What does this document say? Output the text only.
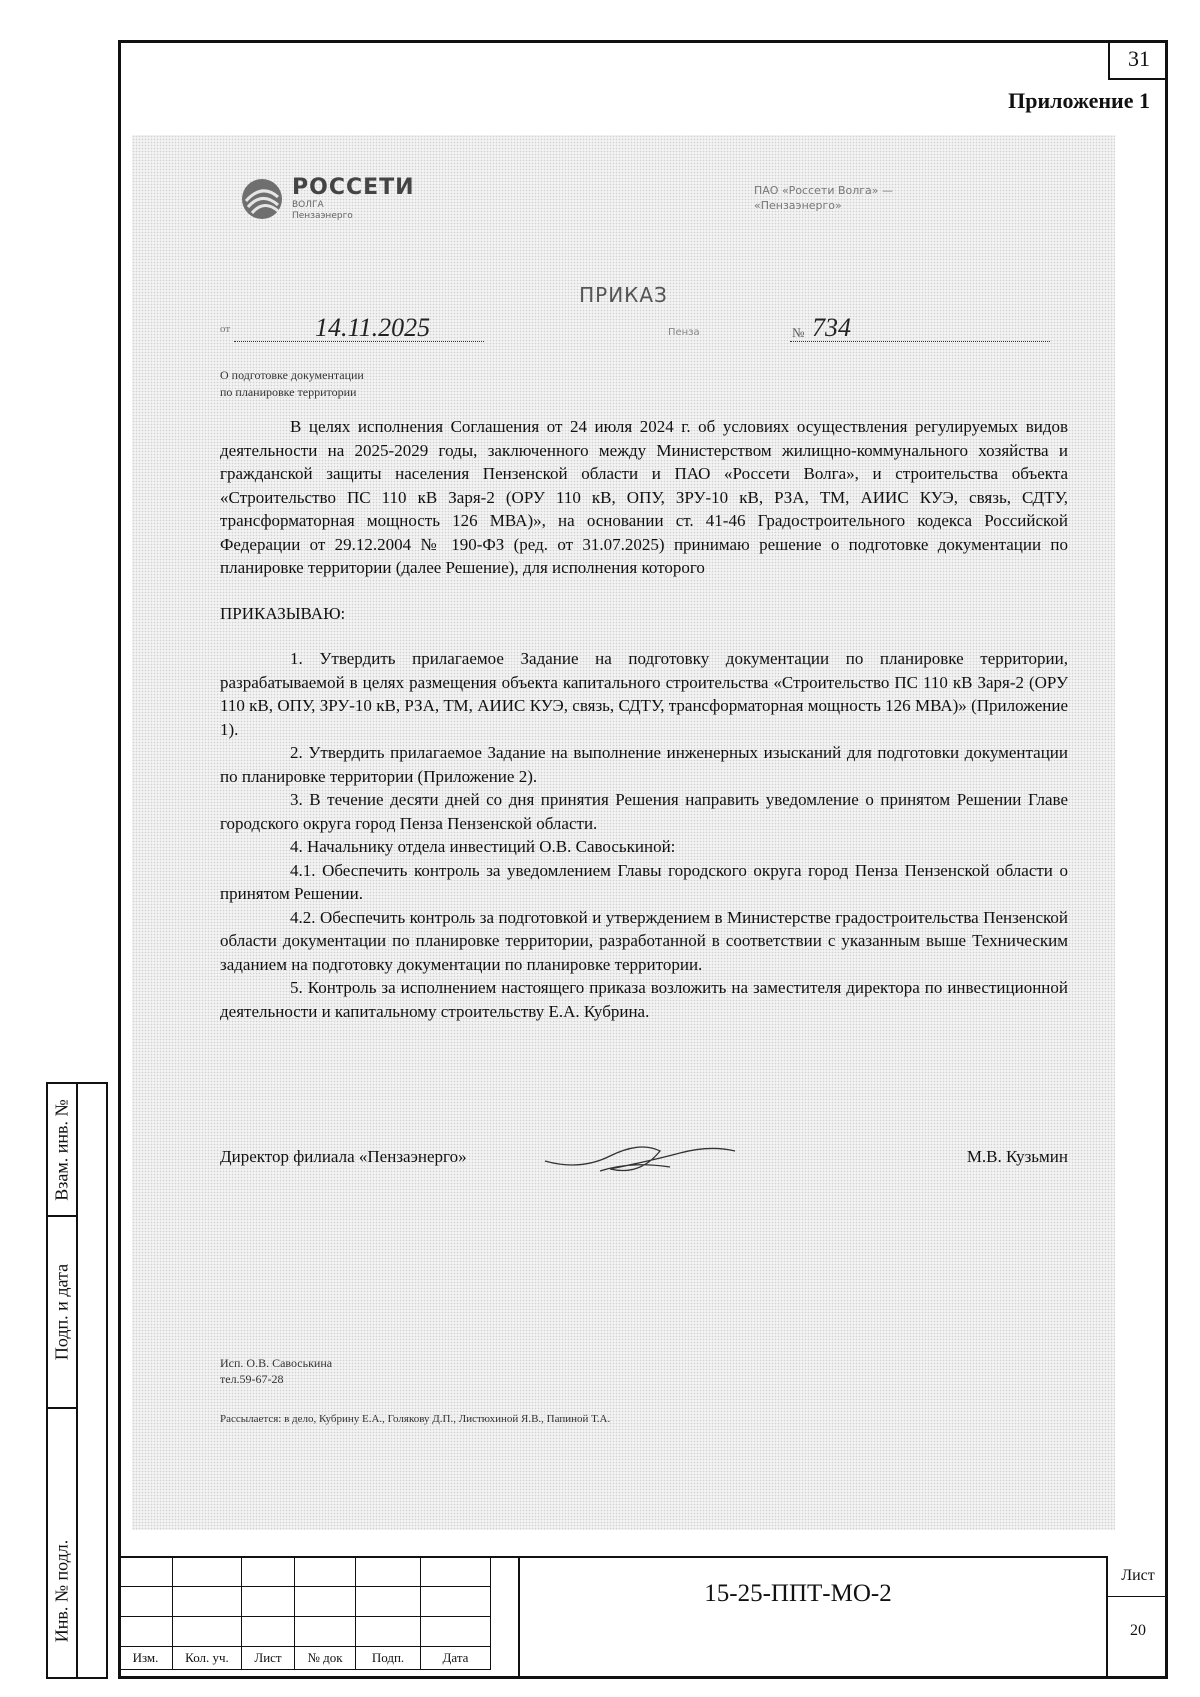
31
Приложение 1
РОССЕТИ
ВОЛГА
Пензаэнерго
ПАО «Россети Волга» —
«Пензаэнерго»
ПРИКАЗ
от	14.11.2025	Пенза	№ 734
О подготовке документации
по планировке территории

В целях исполнения Соглашения от 24 июля 2024 г. об условиях осуществления регулируемых видов деятельности на 2025-2029 годы, заключенного между Министерством жилищно-коммунального хозяйства и гражданской защиты населения Пензенской области и ПАО «Россети Волга», и строительства объекта «Строительство ПС 110 кВ Заря-2 (ОРУ 110 кВ, ОПУ, ЗРУ-10 кВ, РЗА, ТМ, АИИС КУЭ, связь, СДТУ, трансформаторная мощность 126 МВА)», на основании ст. 41-46 Градостроительного кодекса Российской Федерации от 29.12.2004 № 190-ФЗ (ред. от 31.07.2025) принимаю решение о подготовке документации по планировке территории (далее Решение), для исполнения которого

ПРИКАЗЫВАЮ:

1. Утвердить прилагаемое Задание на подготовку документации по планировке территории, разрабатываемой в целях размещения объекта капитального строительства «Строительство ПС 110 кВ Заря-2 (ОРУ 110 кВ, ОПУ, ЗРУ-10 кВ, РЗА, ТМ, АИИС КУЭ, связь, СДТУ, трансформаторная мощность 126 МВА)» (Приложение 1).

2. Утвердить прилагаемое Задание на выполнение инженерных изысканий для подготовки документации по планировке территории (Приложение 2).

3. В течение десяти дней со дня принятия Решения направить уведомление о принятом Решении Главе городского округа город Пенза Пензенской области.

4. Начальнику отдела инвестиций О.В. Савоськиной:

4.1. Обеспечить контроль за уведомлением Главы городского округа город Пенза Пензенской области о принятом Решении.

4.2. Обеспечить контроль за подготовкой и утверждением в Министерстве градостроительства Пензенской области документации по планировке территории, разработанной в соответствии с указанным выше Техническим заданием на подготовку документации по планировке территории.

5. Контроль за исполнением настоящего приказа возложить на заместителя директора по инвестиционной деятельности и капитальному строительству Е.А. Кубрина.

Директор филиала «Пензаэнерго»	М.В. Кузьмин
Исп. О.В. Савоськина
тел.59-67-28
Рассылается: в дело, Кубрину Е.А., Голякову Д.П., Листюхиной Я.В., Папиной Т.А.
Взам. инв. №
Подп. и дата
Инв. № подл.

Изм.	Кол. уч.	Лист	№ док	Подп.	Дата
15-25-ППТ-МО-2
Лист
20
